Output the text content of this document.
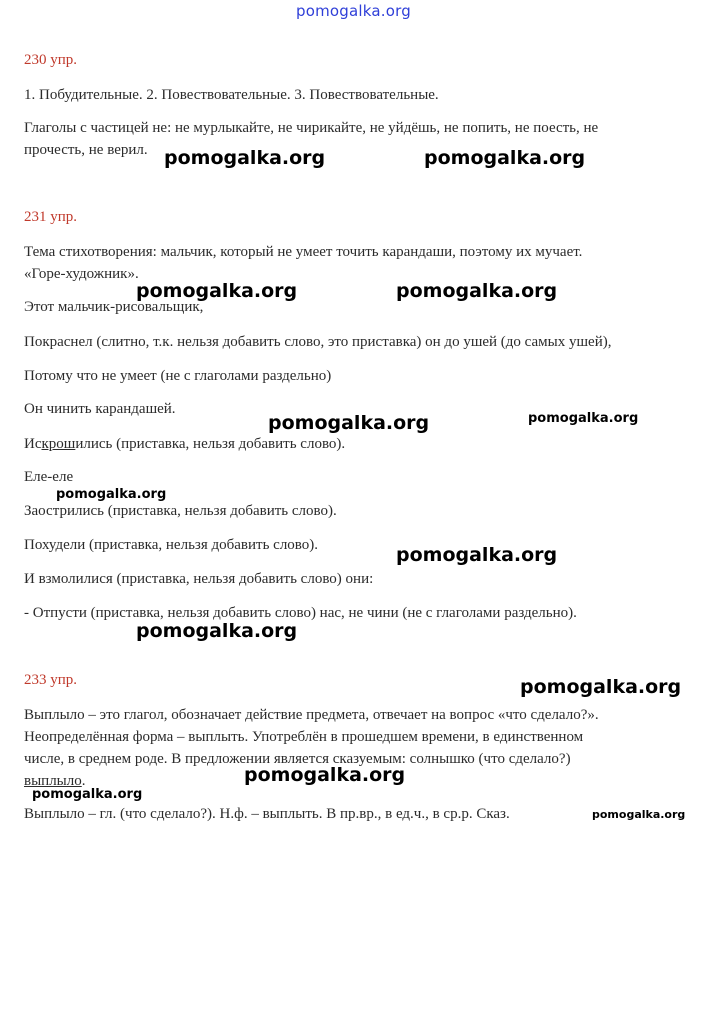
pomogalka.org
230 упр.
1. Побудительные. 2. Повествовательные. 3. Повествовательные.
Глаголы с частицей не: не мурлыкайте, не чирикайте, не уйдёшь, не попить, не поесть, не
прочесть, не верил.
231 упр.
Тема стихотворения: мальчик, который не умеет точить карандаши, поэтому их мучает.
«Горе-художник».
Этот мальчик-рисовальщик,
Покраснел (слитно, т.к. нельзя добавить слово, это приставка) он до ушей (до самых ушей),
Потому что не умеет (не с глаголами раздельно)
Он чинить карандашей.
Искрошились (приставка, нельзя добавить слово).
Еле-еле
Заострились (приставка, нельзя добавить слово).
Похудели (приставка, нельзя добавить слово).
И взмолилися (приставка, нельзя добавить слово) они:
- Отпусти (приставка, нельзя добавить слово) нас, не чини (не с глаголами раздельно).
233 упр.
Выплыло – это глагол, обозначает действие предмета, отвечает на вопрос «что сделало?».
Неопределённая форма – выплыть. Употреблён в прошедшем времени, в единственном
числе, в среднем роде. В предложении является сказуемым: солнышко (что сделало?)
выплыло.
Выплыло – гл. (что сделало?). Н.ф. – выплыть. В пр.вр., в ед.ч., в ср.р. Сказ.
pomogalka.org	pomogalka.org
pomogalka.org	pomogalka.org
pomogalka.org	pomogalka.org
pomogalka.org
pomogalka.org
pomogalka.org
pomogalka.org
pomogalka.org
pomogalka.org
pomogalka.org
